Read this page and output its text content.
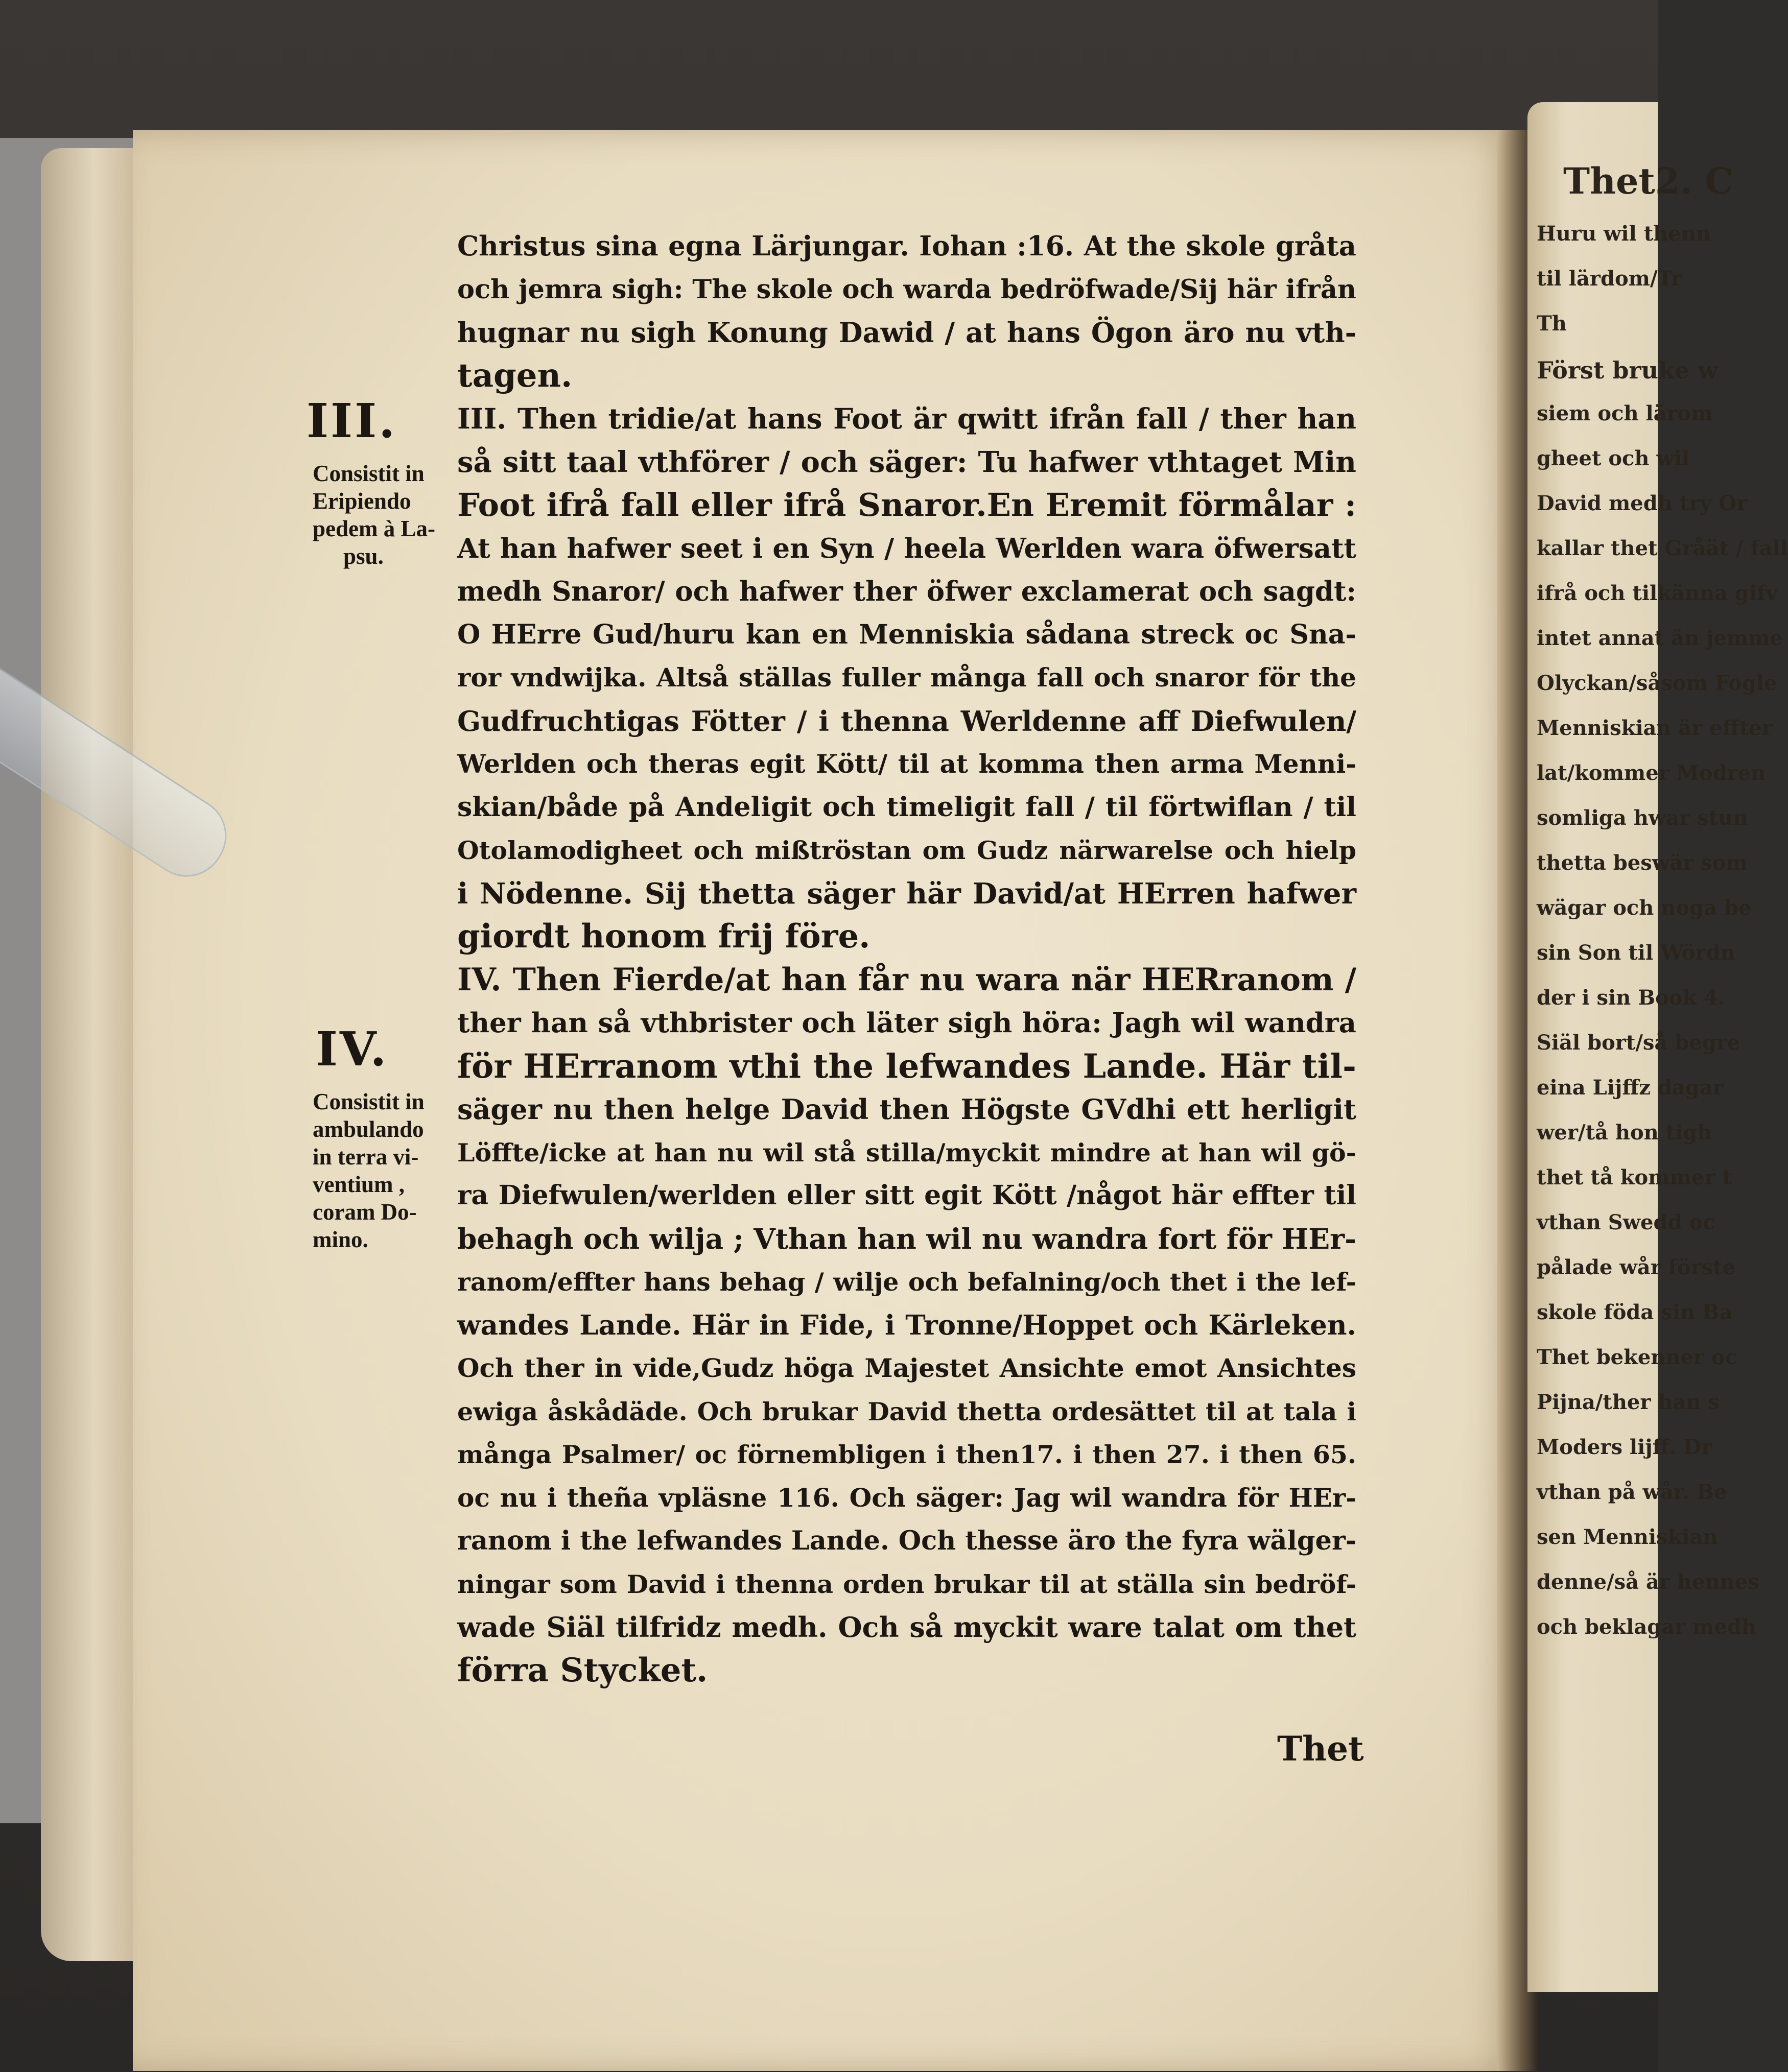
Thet2. C
Huru wil thenn
til lärdom/Tr
Th
Först bruke w
siem och lärom
gheet och wil
David medh try Or
kallar thet Gråät / fall
ifrå och tilkänna gifv
intet annat än jemme
Olyckan/såsom Fogle
Menniskian är effter
lat/kommer Modren
somliga hwar stun
thetta beswär som
wägar och noga be
sin Son til Wördn
der i sin Book 4.
Siäl bort/så begre
eina Lijffz dagar
wer/tå hon tigh
thet tå kommer t
vthan Swedd oc
pålade wår förste
skole föda sin Ba
Thet bekenner oc
Pijna/ther han s
Moders lijff. Dr
vthan på wår. Be
sen Menniskian
denne/så är hennes
och beklagar medh
III.
Consistit in
Eripiendo
pedem à La-
psu.
IV.
Consistit in
ambulando
in terra vi-
ventium ,
coram Do-
mino.
Christus sina egna Lärjungar. Iohan :16. At the skole gråta
och jemra sigh: The skole och warda bedröfwade/Sij här ifrån
hugnar nu sigh Konung Dawid / at hans Ögon äro nu vth-
tagen.
III. Then tridie/at hans Foot är qwitt ifrån fall / ther han
så sitt taal vthförer / och säger: Tu hafwer vthtaget Min
Foot ifrå fall eller ifrå Snaror.En Eremit förmålar :
At han hafwer seet i en Syn / heela Werlden wara öfwersatt
medh Snaror/ och hafwer ther öfwer exclamerat och sagdt:
O HErre Gud/huru kan en Menniskia sådana streck oc Sna-
ror vndwijka. Altså ställas fuller många fall och snaror för the
Gudfruchtigas Fötter / i thenna Werldenne aff Diefwulen/
Werlden och theras egit Kött/ til at komma then arma Menni-
skian/både på Andeligit och timeligit fall / til förtwiflan / til
Otolamodigheet och mißtröstan om Gudz närwarelse och hielp
i Nödenne. Sij thetta säger här David/at HErren hafwer
giordt honom frij före.
IV. Then Fierde/at han får nu wara när HERranom /
ther han så vthbrister och läter sigh höra: Jagh wil wandra
för HErranom vthi the lefwandes Lande. Här til-
säger nu then helge David then Högste GVdhi ett herligit
Löffte/icke at han nu wil stå stilla/myckit mindre at han wil gö-
ra Diefwulen/werlden eller sitt egit Kött /något här effter til
behagh och wilja ; Vthan han wil nu wandra fort för HEr-
ranom/effter hans behag / wilje och befalning/och thet i the lef-
wandes Lande. Här in Fide, i Tronne/Hoppet och Kärleken.
Och ther in vide,Gudz höga Majestet Ansichte emot Ansichtes
ewiga åskådäde. Och brukar David thetta ordesättet til at tala i
många Psalmer/ oc förnembligen i then17. i then 27. i then 65.
oc nu i theña vpläsne 116. Och säger: Jag wil wandra för HEr-
ranom i the lefwandes Lande. Och thesse äro the fyra wälger-
ningar som David i thenna orden brukar til at ställa sin bedröf-
wade Siäl tilfridz medh. Och så myckit ware talat om thet
förra Stycket.
Thet
